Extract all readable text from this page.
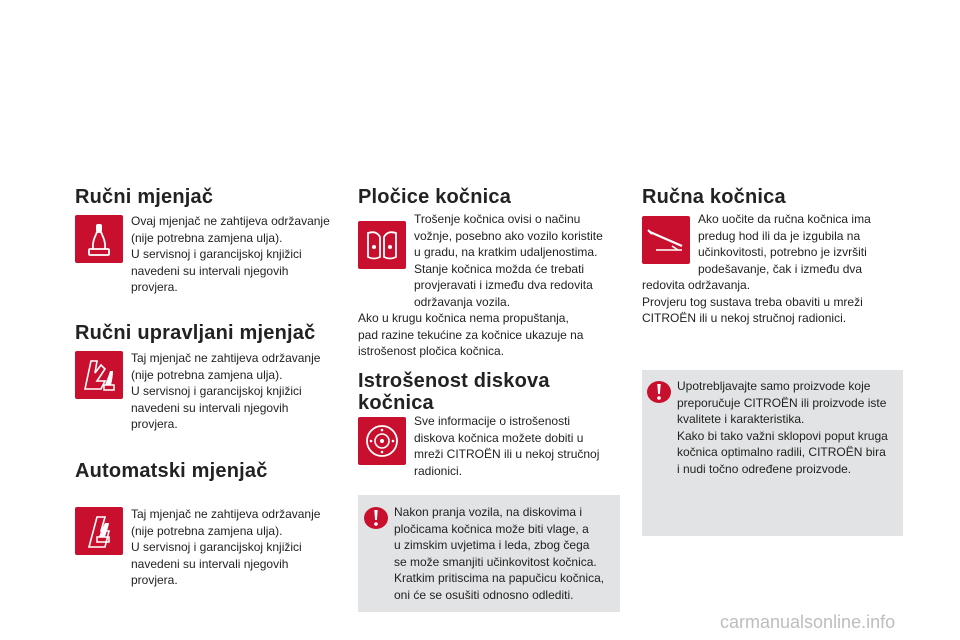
Ručni mjenjač
Ovaj mjenjač ne zahtijeva održavanje
(nije potrebna zamjena ulja).
U servisnoj i garancijskoj knjižici
navedeni su intervali njegovih
provjera.
Ručni upravljani mjenjač
Taj mjenjač ne zahtijeva održavanje
(nije potrebna zamjena ulja).
U servisnoj i garancijskoj knjižici
navedeni su intervali njegovih
provjera.
Automatski mjenjač
Taj mjenjač ne zahtijeva održavanje
(nije potrebna zamjena ulja).
U servisnoj i garancijskoj knjižici
navedeni su intervali njegovih
provjera.
Pločice kočnica
Trošenje kočnica ovisi o načinu
vožnje, posebno ako vozilo koristite
u gradu, na kratkim udaljenostima.
Stanje kočnica možda će trebati
provjeravati i između dva redovita
održavanja vozila.
Ako u krugu kočnica nema propuštanja,
pad razine tekućine za kočnice ukazuje na
istrošenost pločica kočnica.
Istrošenost diskova
kočnica
Sve informacije o istrošenosti
diskova kočnica možete dobiti u
mreži CITROËN ili u nekoj stručnoj
radionici.
Nakon pranja vozila, na diskovima i
pločicama kočnica može biti vlage, a
u zimskim uvjetima i leda, zbog čega
se može smanjiti učinkovitost kočnica.
Kratkim pritiscima na papučicu kočnica,
oni će se osušiti odnosno odlediti.
Ručna kočnica
Ako uočite da ručna kočnica ima
predug hod ili da je izgubila na
učinkovitosti, potrebno je izvršiti
podešavanje, čak i između dva
redovita održavanja.
Provjeru tog sustava treba obaviti u mreži
CITROËN ili u nekoj stručnoj radionici.
Upotrebljavajte samo proizvode koje
preporučuje CITROËN ili proizvode iste
kvalitete i karakteristika.
Kako bi tako važni sklopovi poput kruga
kočnica optimalno radili, CITROËN bira
i nudi točno određene proizvode.
carmanualsonline.info
